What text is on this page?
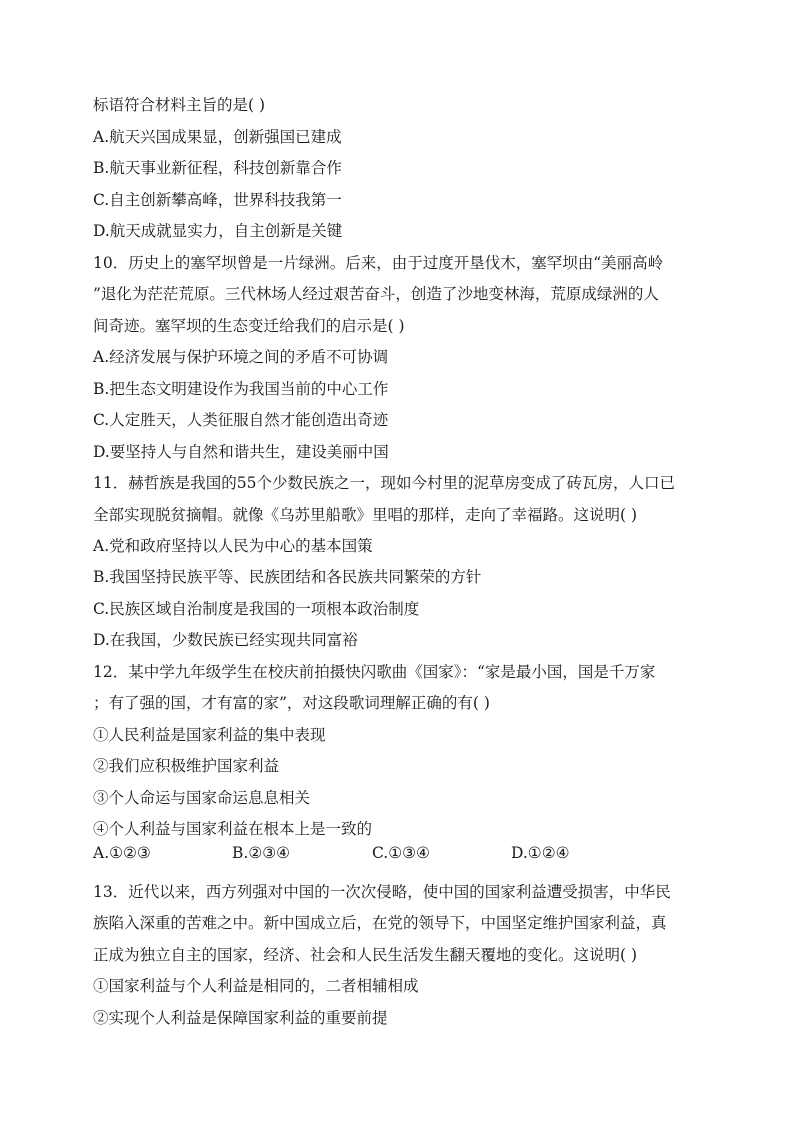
标语符合材料主旨的是( )
A.航天兴国成果显，创新强国已建成
B.航天事业新征程，科技创新靠合作
C.自主创新攀高峰，世界科技我第一
D.航天成就显实力，自主创新是关键
10．历史上的塞罕坝曾是一片绿洲。后来，由于过度开垦伐木，塞罕坝由“美丽高岭
”退化为茫茫荒原。三代林场人经过艰苦奋斗，创造了沙地变林海，荒原成绿洲的人
间奇迹。塞罕坝的生态变迁给我们的启示是( )
A.经济发展与保护环境之间的矛盾不可协调
B.把生态文明建设作为我国当前的中心工作
C.人定胜天，人类征服自然才能创造出奇迹
D.要坚持人与自然和谐共生，建设美丽中国
11．赫哲族是我国的55个少数民族之一，现如今村里的泥草房变成了砖瓦房，人口已
全部实现脱贫摘帽。就像《乌苏里船歌》里唱的那样，走向了幸福路。这说明( )
A.党和政府坚持以人民为中心的基本国策
B.我国坚持民族平等、民族团结和各民族共同繁荣的方针
C.民族区域自治制度是我国的一项根本政治制度
D.在我国，少数民族已经实现共同富裕
12．某中学九年级学生在校庆前拍摄快闪歌曲《国家》：“家是最小国，国是千万家
；有了强的国，才有富的家”，对这段歌词理解正确的有( )
①人民利益是国家利益的集中表现
②我们应积极维护国家利益
③个人命运与国家命运息息相关
④个人利益与国家利益在根本上是一致的
A.①②③	B.②③④	C.①③④	D.①②④
13．近代以来，西方列强对中国的一次次侵略，使中国的国家利益遭受损害，中华民
族陷入深重的苦难之中。新中国成立后，在党的领导下，中国坚定维护国家利益，真
正成为独立自主的国家，经济、社会和人民生活发生翻天覆地的变化。这说明( )
①国家利益与个人利益是相同的，二者相辅相成
②实现个人利益是保障国家利益的重要前提
